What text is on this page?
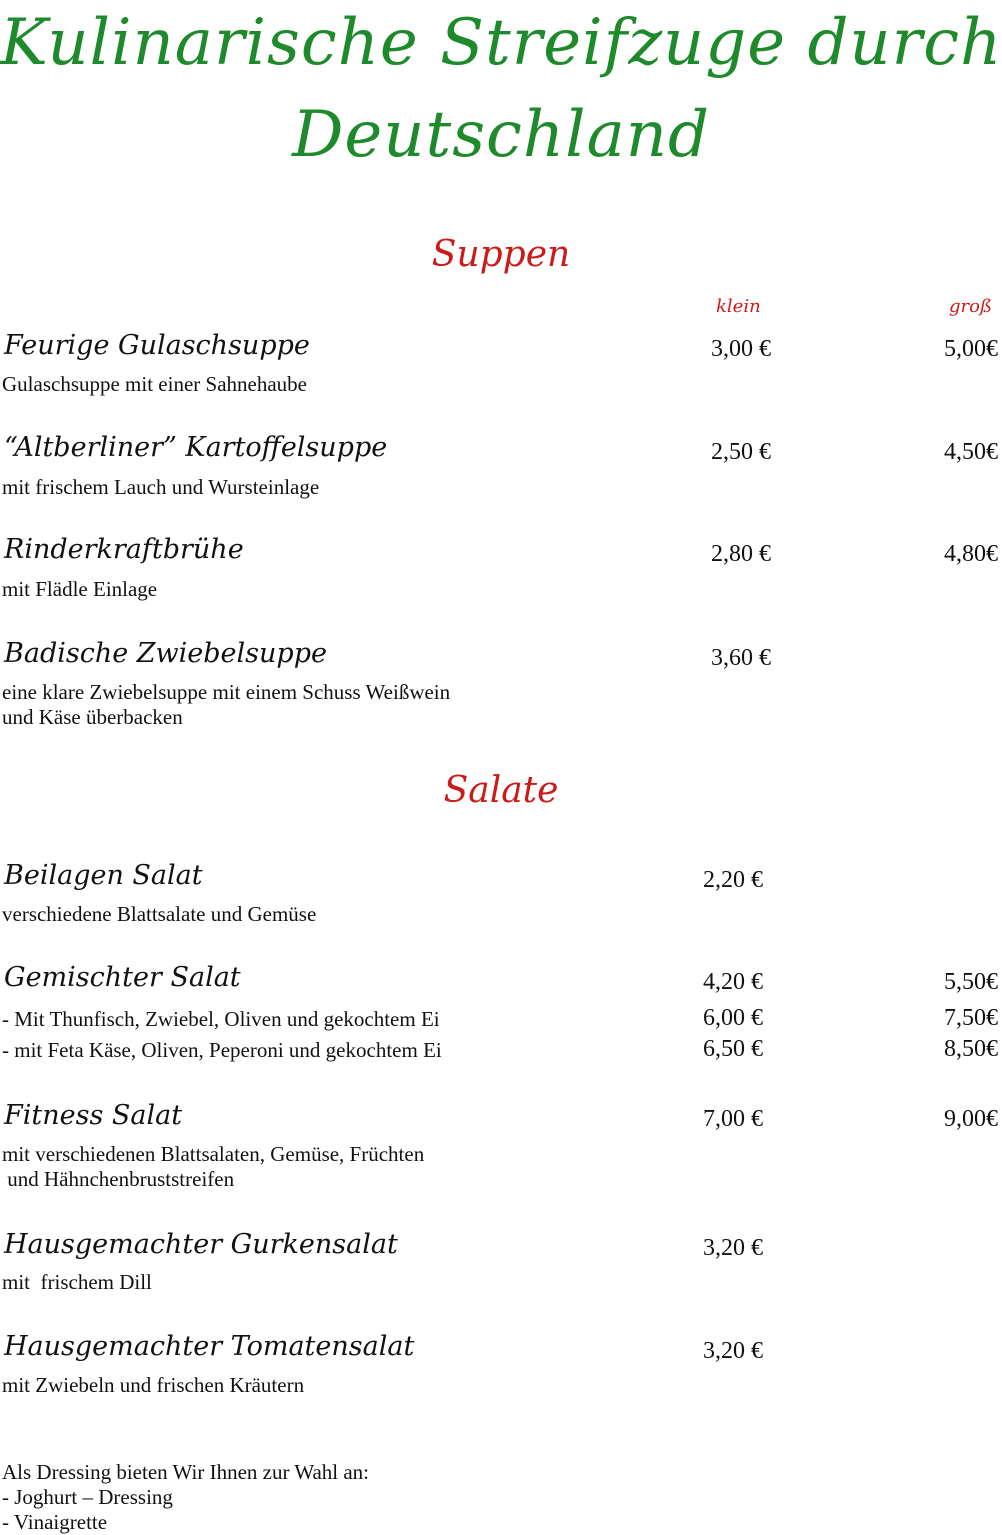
Kulinarische Streifzuge durch
Deutschland
Suppen
klein	groß
Feurige Gulaschsuppe	3,00 €	5,00€
Gulaschsuppe mit einer Sahnehaube
“Altberliner” Kartoffelsuppe	2,50 €	4,50€
mit frischem Lauch und Wursteinlage
Rinderkraftbrühe	2,80 €	4,80€
mit Flädle Einlage
Badische Zwiebelsuppe	3,60 €
eine klare Zwiebelsuppe mit einem Schuss Weißwein
und Käse überbacken
Salate
Beilagen Salat	2,20 €
verschiedene Blattsalate und Gemüse
Gemischter Salat	4,20 €	5,50€
- Mit Thunfisch, Zwiebel, Oliven und gekochtem Ei	6,00 €	7,50€
- mit Feta Käse, Oliven, Peperoni und gekochtem Ei	6,50 €	8,50€
Fitness Salat	7,00 €	9,00€
mit verschiedenen Blattsalaten, Gemüse, Früchten
und Hähnchenbruststreifen
Hausgemachter Gurkensalat	3,20 €
mit  frischem Dill
Hausgemachter Tomatensalat	3,20 €
mit Zwiebeln und frischen Kräutern
Als Dressing bieten Wir Ihnen zur Wahl an:
- Joghurt – Dressing
- Vinaigrette
